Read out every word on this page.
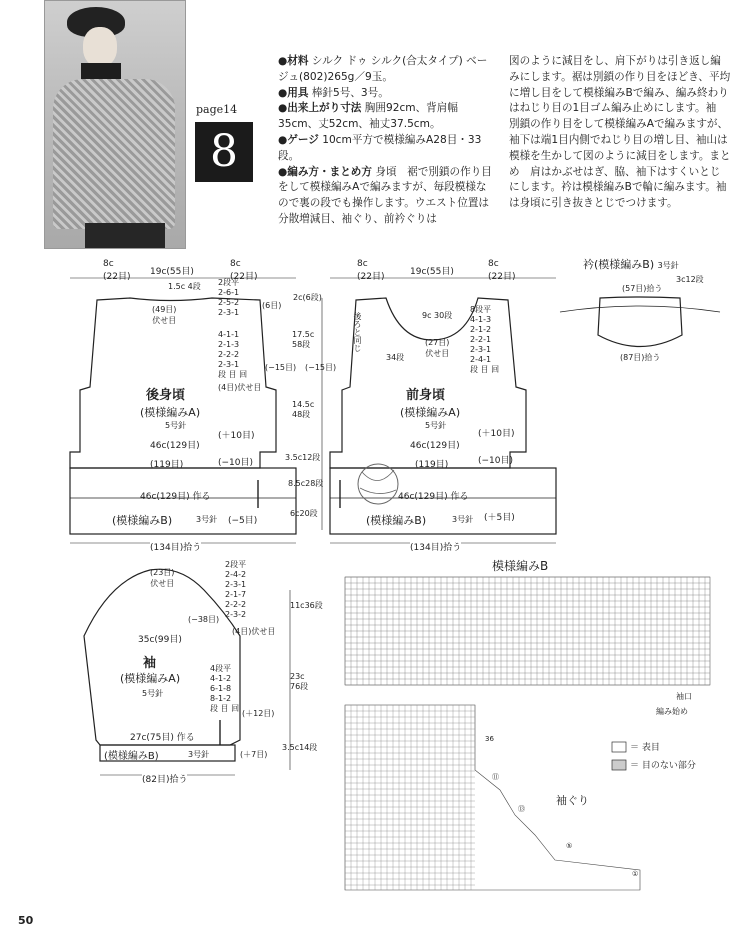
page14
8
●材料 シルク ドゥ シルク(合太タイプ) ベージュ(802)265g／9玉。
●用具 棒針5号、3号。
●出来上がり寸法 胸囲92cm、背肩幅35cm、丈52cm、袖丈37.5cm。
●ゲージ 10cm平方で模様編みA28目・33段。
●編み方・まとめ方 身頃　裾で別鎖の作り目をして模様編みAで編みますが、毎段模様なので裏の段でも操作します。ウエスト位置は分散増減目、袖ぐり、前衿ぐりは
図のように減目をし、肩下がりは引き返し編みにします。裾は別鎖の作り目をほどき、平均に増し目をして模様編みBで編み、編み終わりはねじり目の1目ゴム編み止めにします。袖　別鎖の作り目をして模様編みAで編みますが、袖下は端1目内側でねじり目の増し目、袖山は模様を生かして図のように減目をします。まとめ　肩はかぶせはぎ、脇、袖下はすくいとじにします。衿は模様編みBで輪に編みます。袖は身頃に引き抜きとじでつけます。
8c
(22目) 19c(55目)
8c
(22目)
1.5c 4段
(49目)
伏せ目
2段平
2-6-1
2-5-2
2-3-1
2c(6段)
(6目)
4-1-1
2-1-3
2-2-2
2-3-1
段 目 回
(4目)伏せ目
17.5c
58段
(−15目)
14.5c
48段
後身頃
(模様編みA)
5号針
(＋10目)
46c(129目)
3.5c12段
(−10目)
(119目)
8.5c28段
46c(129目) 作る
6c20段
(模様編みB)	3号針 (−5目)
(134目)拾う
8c
(22目)	19c(55目)
8c
(22目)
9c 30段
後ろと同じ
34段
8段平
4-1-3
2-1-2
2-2-1
2-3-1
2-4-1
段 目 回
(27目)
伏せ目
(−15目)
前身頃
(模様編みA)
5号針
(＋10目)
46c(129目)
(−10目)
(119目)
46c(129目) 作る
(模様編みB)	3号針 (＋5目)
(134目)拾う
衿(模様編みB) 3号針
(57目)拾う
3c12段
(87目)拾う
(23目)
伏せ目
2段平
2-4-2
2-3-1
2-1-7
2-2-2
2-3-2
(4目)伏せ目
(−38目)
11c36段
35c(99目)
袖
(模様編みA)
5号針
4段平
4-1-2
6-1-8
8-1-2
段 目 回
(＋12目)
23c
76段
27c(75目) 作る
(模様編みB)	3号針	(＋7目)
3.5c14段
(82目)拾う
模様編みB
袖口
編み始め
袖ぐり
36
⑪
⑬
⑤
①
＝ 表目
＝ 目のない部分
50
